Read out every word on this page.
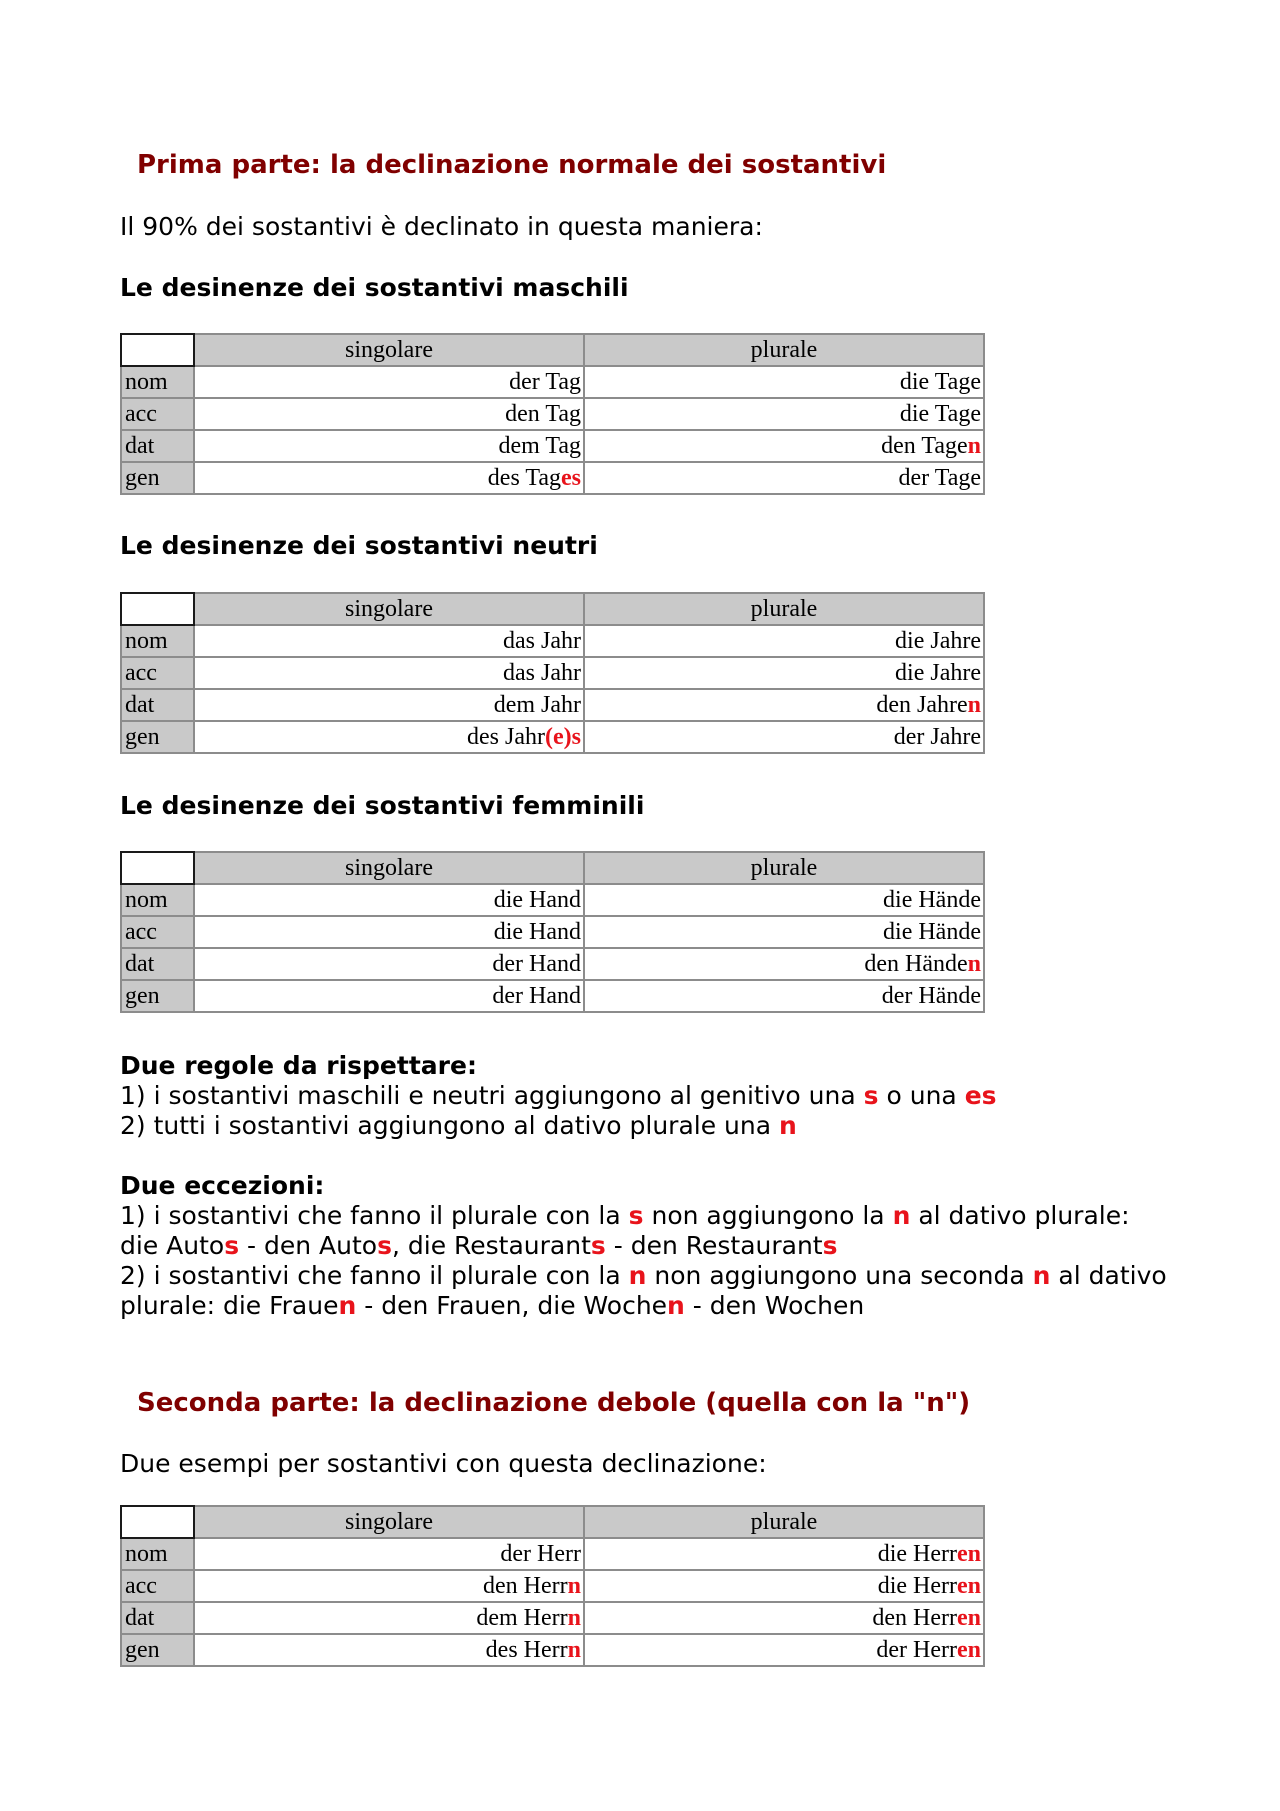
Prima parte: la declinazione normale dei sostantivi

Il 90% dei sostantivi è declinato in questa maniera:

Le desinenze dei sostantivi maschili

	singolare	plurale
nom	der Tag	die Tage
acc	den Tag	die Tage
dat	dem Tag	den Tagen
gen	des Tages	der Tage

Le desinenze dei sostantivi neutri

	singolare	plurale
nom	das Jahr	die Jahre
acc	das Jahr	die Jahre
dat	dem Jahr	den Jahren
gen	des Jahr(e)s	der Jahre

Le desinenze dei sostantivi femminili

	singolare	plurale
nom	die Hand	die Hände
acc	die Hand	die Hände
dat	der Hand	den Händen
gen	der Hand	der Hände

Due regole da rispettare:

1) i sostantivi maschili e neutri aggiungono al genitivo una s o una es

2) tutti i sostantivi aggiungono al dativo plurale una n

Due eccezioni:

1) i sostantivi che fanno il plurale con la s non aggiungono la n al dativo plurale:

die Autos - den Autos, die Restaurants - den Restaurants

2) i sostantivi che fanno il plurale con la n non aggiungono una seconda n al dativo plurale: die Frauen - den Frauen, die Wochen - den Wochen

Seconda parte: la declinazione debole (quella con la "n")

Due esempi per sostantivi con questa declinazione:

	singolare	plurale
nom	der Herr	die Herren
acc	den Herrn	die Herren
dat	dem Herrn	den Herren
gen	des Herrn	der Herren
